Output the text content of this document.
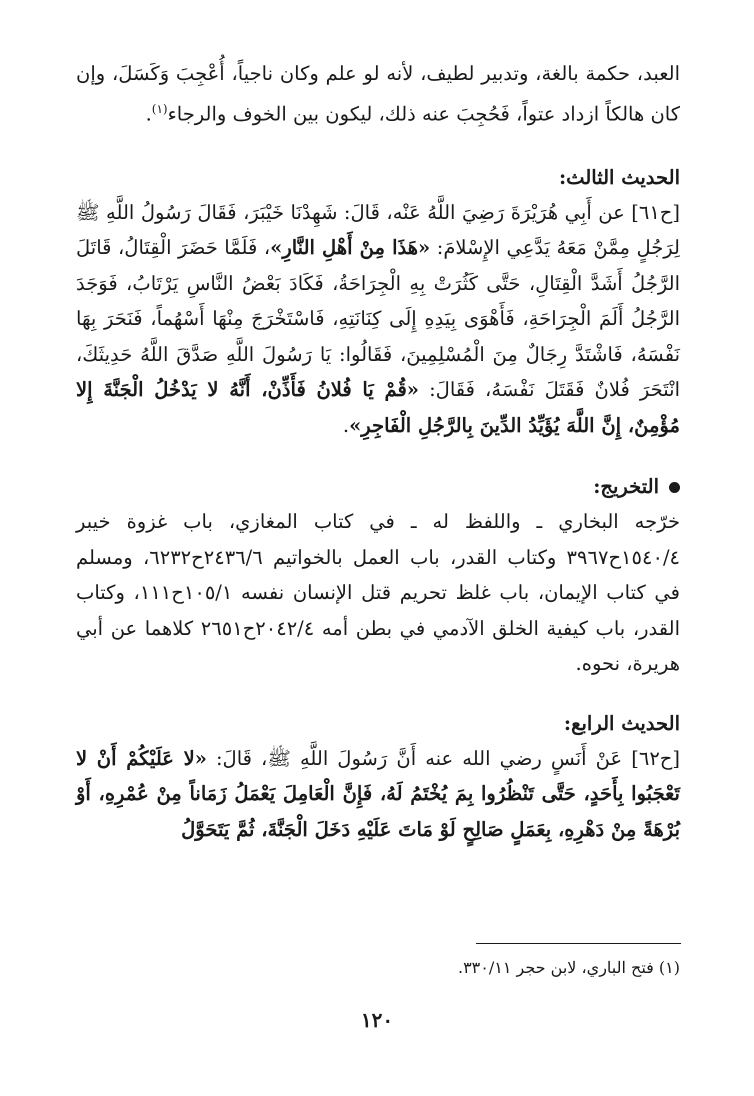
العبد، حكمة بالغة، وتدبير لطيف، لأنه لو علم وكان ناجياً، أُعْجِبَ وَكَسَلَ، وإن كان هالكاً ازداد عتواً، فَحُجِبَ عنه ذلك، ليكون بين الخوف والرجاء$^{(١)}$.

الحديث الثالث:

[ح٦١] عن أَبِي هُرَيْرَةَ رَضِيَ اللَّهُ عَنْه، قَالَ: شَهِدْنَا خَيْبَرَ، فَقَالَ رَسُولُ اللَّهِ ﷺ لِرَجُلٍ مِمَّنْ مَعَهُ يَدَّعِي الإِسْلامَ: «هَذَا مِنْ أَهْلِ النَّارِ»، فَلَمَّا حَضَرَ الْقِتَالُ، قَاتَلَ الرَّجُلُ أَشَدَّ الْقِتَالِ، حَتَّى كَثُرَتْ بِهِ الْجِرَاحَةُ، فَكَادَ بَعْضُ النَّاسِ يَرْتَابُ، فَوَجَدَ الرَّجُلُ أَلَمَ الْجِرَاحَةِ، فَأَهْوَى بِيَدِهِ إِلَى كِنَانَتِهِ، فَاسْتَخْرَجَ مِنْهَا أَسْهُماً، فَنَحَرَ بِهَا نَفْسَهُ، فَاشْتَدَّ رِجَالٌ مِنَ الْمُسْلِمِينَ، فَقَالُوا: يَا رَسُولَ اللَّهِ صَدَّقَ اللَّهُ حَدِيثَكَ، انْتَحَرَ فُلانٌ فَقَتَلَ نَفْسَهُ، فَقَالَ: «قُمْ يَا فُلانُ فَأَذِّنْ، أَنَّهُ لا يَدْخُلُ الْجَنَّةَ إِلا مُؤْمِنٌ، إِنَّ اللَّهَ يُؤَيِّدُ الدِّينَ بِالرَّجُلِ الْفَاجِرِ».

التخريج:

خرّجه البخاري ـ واللفظ له ـ في كتاب المغازي، باب غزوة خيبر ١٥٤٠/٤ح٣٩٦٧ وكتاب القدر، باب العمل بالخواتيم ٢٤٣٦/٦ح٦٢٣٢، ومسلم في كتاب الإيمان، باب غلظ تحريم قتل الإنسان نفسه ١٠٥/١ح١١١، وكتاب القدر، باب كيفية الخلق الآدمي في بطن أمه ٢٠٤٢/٤ح٢٦٥١ كلاهما عن أبي هريرة، نحوه.

الحديث الرابع:

[ح٦٢] عَنْ أَنَسٍ رضي الله عنه أَنَّ رَسُولَ اللَّهِ ﷺ، قَالَ: «لا عَلَيْكُمْ أَنْ لا تَعْجَبُوا بِأَحَدٍ، حَتَّى تَنْظُرُوا بِمَ يُخْتَمُ لَهُ، فَإِنَّ الْعَامِلَ يَعْمَلُ زَمَاناً مِنْ عُمْرِهِ، أَوْ بُرْهَةً مِنْ دَهْرِهِ، بِعَمَلٍ صَالِحٍ لَوْ مَاتَ عَلَيْهِ دَخَلَ الْجَنَّةَ، ثُمَّ يَتَحَوَّلُ

(١) فتح الباري، لابن حجر ٣٣٠/١١.
١٢٠
